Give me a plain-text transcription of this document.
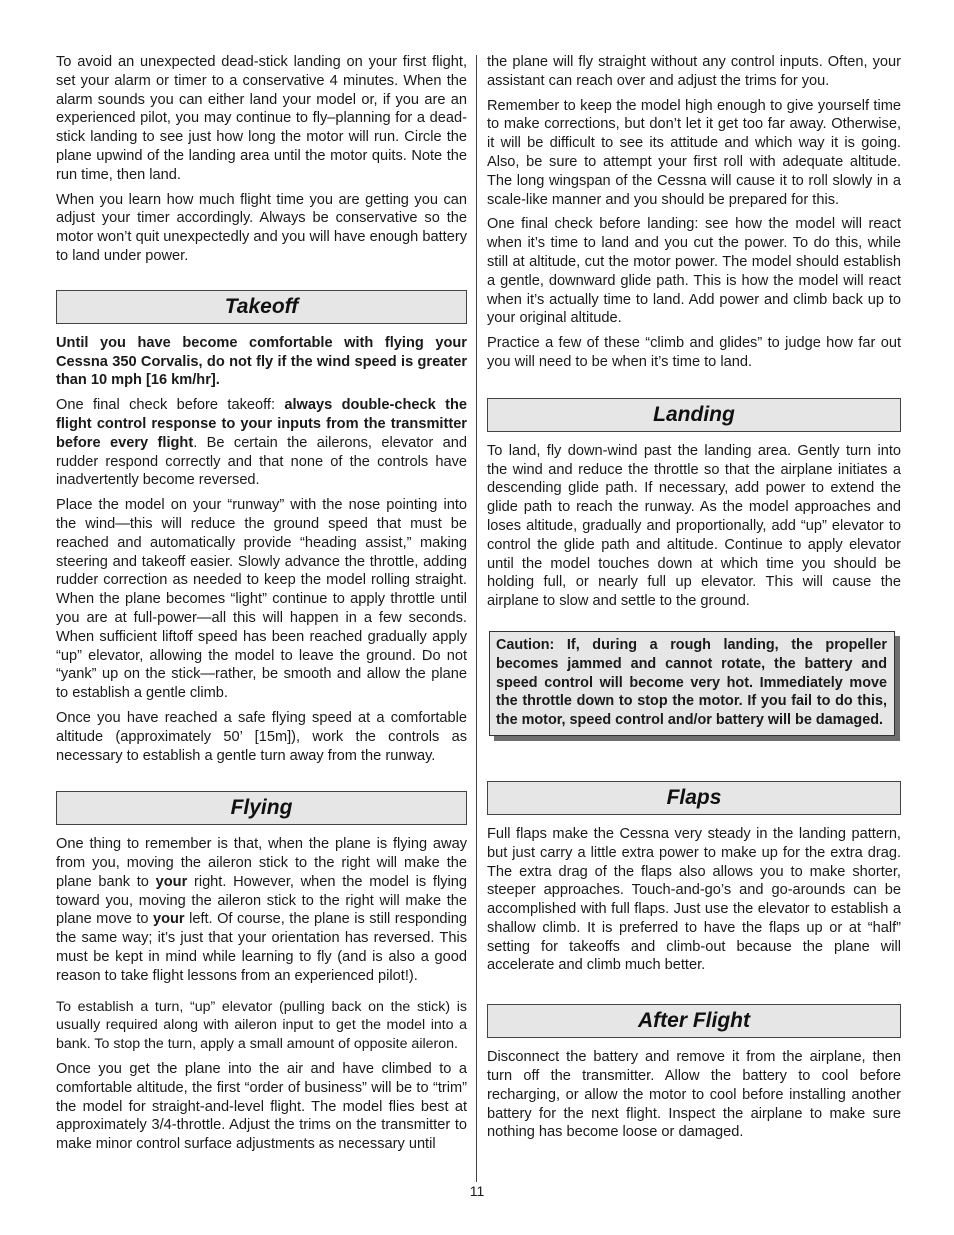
To avoid an unexpected dead-stick landing on your first flight, set your alarm or timer to a conservative 4 minutes. When the alarm sounds you can either land your model or, if you are an experienced pilot, you may continue to fly–planning for a dead-stick landing to see just how long the motor will run. Circle the plane upwind of the landing area until the motor quits. Note the run time, then land.

When you learn how much flight time you are getting you can adjust your timer accordingly. Always be conservative so the motor won’t quit unexpectedly and you will have enough battery to land under power.

Takeoff

Until you have become comfortable with flying your Cessna 350 Corvalis, do not fly if the wind speed is greater than 10 mph [16 km/hr].

One final check before takeoff: always double-check the flight control response to your inputs from the transmitter before every flight. Be certain the ailerons, elevator and rudder respond correctly and that none of the controls have inadvertently become reversed.

Place the model on your “runway” with the nose pointing into the wind—this will reduce the ground speed that must be reached and automatically provide “heading assist,” making steering and takeoff easier. Slowly advance the throttle, adding rudder correction as needed to keep the model rolling straight. When the plane becomes “light” continue to apply throttle until you are at full-power—all this will happen in a few seconds. When sufficient liftoff speed has been reached gradually apply “up” elevator, allowing the model to leave the ground. Do not “yank” up on the stick—rather, be smooth and allow the plane to establish a gentle climb.

Once you have reached a safe flying speed at a comfortable altitude (approximately 50’ [15m]), work the controls as necessary to establish a gentle turn away from the runway.

Flying

One thing to remember is that, when the plane is flying away from you, moving the aileron stick to the right will make the plane bank to your right. However, when the model is flying toward you, moving the aileron stick to the right will make the plane move to your left. Of course, the plane is still responding the same way; it’s just that your orientation has reversed. This must be kept in mind while learning to fly (and is also a good reason to take flight lessons from an experienced pilot!).

To establish a turn, “up” elevator (pulling back on the stick) is usually required along with aileron input to get the model into a bank. To stop the turn, apply a small amount of opposite aileron.

Once you get the plane into the air and have climbed to a comfortable altitude, the first “order of business” will be to “trim” the model for straight-and-level flight. The model flies best at approximately 3/4-throttle. Adjust the trims on the transmitter to make minor control surface adjustments as necessary until

the plane will fly straight without any control inputs. Often, your assistant can reach over and adjust the trims for you.

Remember to keep the model high enough to give yourself time to make corrections, but don’t let it get too far away. Otherwise, it will be difficult to see its attitude and which way it is going. Also, be sure to attempt your first roll with adequate altitude. The long wingspan of the Cessna will cause it to roll slowly in a scale-like manner and you should be prepared for this.

One final check before landing: see how the model will react when it’s time to land and you cut the power. To do this, while still at altitude, cut the motor power. The model should establish a gentle, downward glide path. This is how the model will react when it’s actually time to land. Add power and climb back up to your original altitude.

Practice a few of these “climb and glides” to judge how far out you will need to be when it’s time to land.

Landing

To land, fly down-wind past the landing area. Gently turn into the wind and reduce the throttle so that the airplane initiates a descending glide path. If necessary, add power to extend the glide path to reach the runway. As the model approaches and loses altitude, gradually and proportionally, add “up” elevator to control the glide path and altitude. Continue to apply elevator until the model touches down at which time you should be holding full, or nearly full up elevator. This will cause the airplane to slow and settle to the ground.

Caution: If, during a rough landing, the propeller becomes jammed and cannot rotate, the battery and speed control will become very hot. Immediately move the throttle down to stop the motor. If you fail to do this, the motor, speed control and/or battery will be damaged.
Flaps

Full flaps make the Cessna very steady in the landing pattern, but just carry a little extra power to make up for the extra drag. The extra drag of the flaps also allows you to make shorter, steeper approaches. Touch-and-go’s and go-arounds can be accomplished with full flaps. Just use the elevator to establish a shallow climb. It is preferred to have the flaps up or at “half” setting for takeoffs and climb-out because the plane will accelerate and climb much better.

After Flight

Disconnect the battery and remove it from the airplane, then turn off the transmitter. Allow the battery to cool before recharging, or allow the motor to cool before installing another battery for the next flight. Inspect the airplane to make sure nothing has become loose or damaged.

11
